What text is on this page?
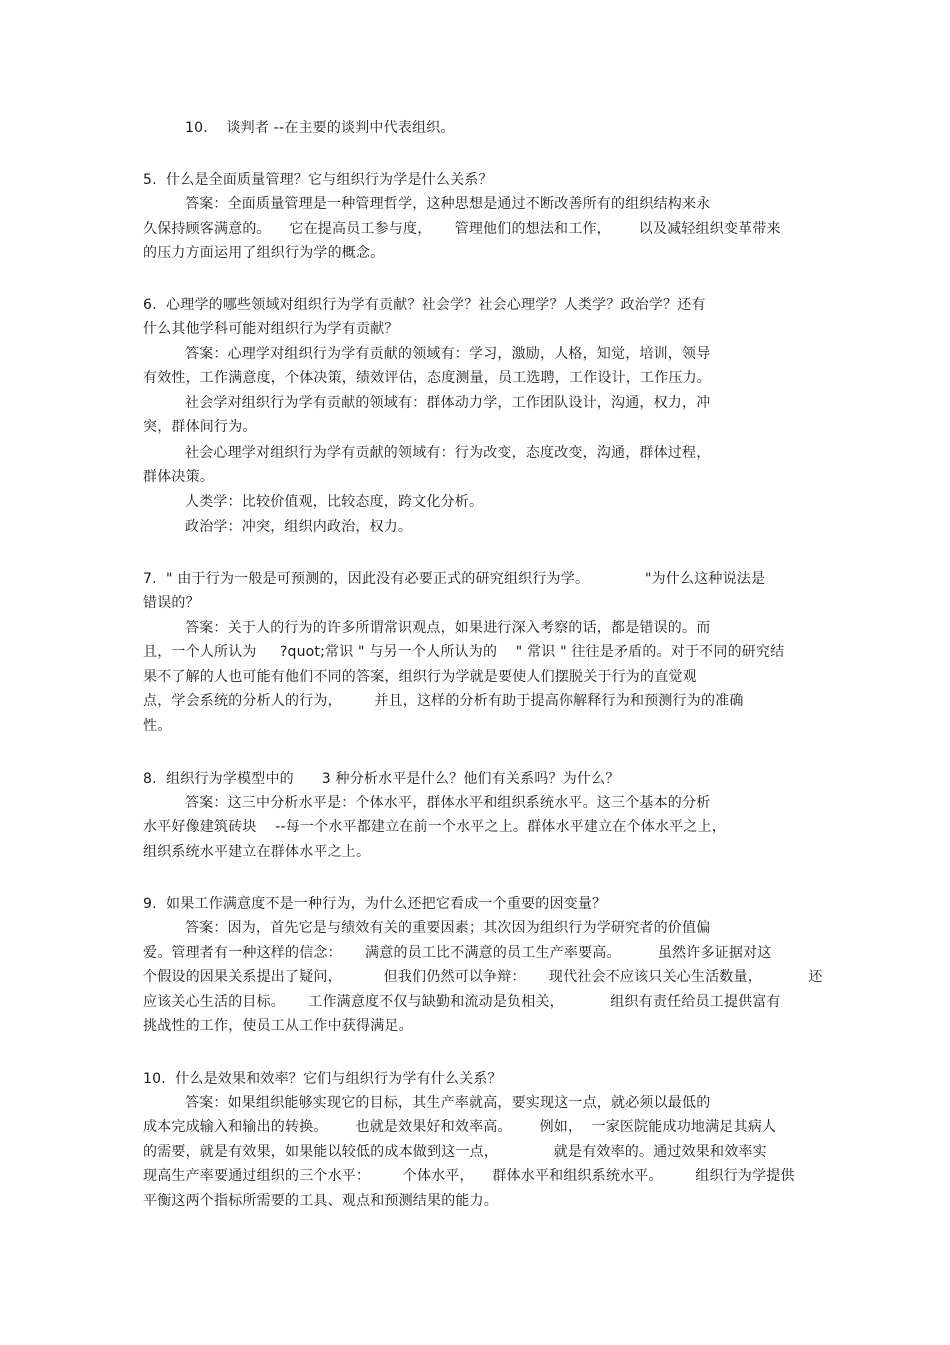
10.    谈判者 --在主要的谈判中代表组织。
5.  什么是全面质量管理？它与组织行为学是什么关系？
答案：全面质量管理是一种管理哲学，这种思想是通过不断改善所有的组织结构来永
久保持顾客满意的。    它在提高员工参与度，     管理他们的想法和工作，      以及减轻组织变革带来
的压力方面运用了组织行为学的概念。
6.  心理学的哪些领域对组织行为学有贡献？社会学？社会心理学？人类学？政治学？还有
什么其他学科可能对组织行为学有贡献？
答案：心理学对组织行为学有贡献的领域有：学习，激励，人格，知觉，培训，领导
有效性，工作满意度，个体决策，绩效评估，态度测量，员工选聘，工作设计，工作压力。
社会学对组织行为学有贡献的领域有：群体动力学，工作团队设计，沟通，权力，冲
突，群体间行为。
社会心理学对组织行为学有贡献的领域有：行为改变，态度改变，沟通，群体过程，
群体决策。
人类学：比较价值观，比较态度，跨文化分析。
政治学：冲突，组织内政治，权力。
7.  " 由于行为一般是可预测的，因此没有必要正式的研究组织行为学。            "为什么这种说法是
错误的？
答案：关于人的行为的许多所谓常识观点，如果进行深入考察的话，都是错误的。而
且，一个人所认为     ?quot;常识 " 与另一个人所认为的    " 常识 " 往往是矛盾的。对于不同的研究结
果不了解的人也可能有他们不同的答案，组织行为学就是要使人们摆脱关于行为的直觉观
点，学会系统的分析人的行为，       并且，这样的分析有助于提高你解释行为和预测行为的准确
性。
8.  组织行为学模型中的      3 种分析水平是什么？他们有关系吗？为什么？
答案：这三中分析水平是：个体水平，群体水平和组织系统水平。这三个基本的分析
水平好像建筑砖块    --每一个水平都建立在前一个水平之上。群体水平建立在个体水平之上，
组织系统水平建立在群体水平之上。
9.  如果工作满意度不是一种行为，为什么还把它看成一个重要的因变量？
答案：因为，首先它是与绩效有关的重要因素；其次因为组织行为学研究者的价值偏
爱。管理者有一种这样的信念：     满意的员工比不满意的员工生产率要高。        虽然许多证据对这
个假设的因果关系提出了疑问，         但我们仍然可以争辩：     现代社会不应该只关心生活数量，          还
应该关心生活的目标。     工作满意度不仅与缺勤和流动是负相关，          组织有责任给员工提供富有
挑战性的工作，使员工从工作中获得满足。
10.  什么是效果和效率？它们与组织行为学有什么关系？
答案：如果组织能够实现它的目标，其生产率就高，要实现这一点，就必须以最低的
成本完成输入和输出的转换。      也就是效果好和效率高。      例如，  一家医院能成功地满足其病人
的需要，就是有效果，如果能以较低的成本做到这一点，            就是有效率的。通过效果和效率实
现高生产率要通过组织的三个水平：       个体水平，    群体水平和组织系统水平。       组织行为学提供
平衡这两个指标所需要的工具、观点和预测结果的能力。
